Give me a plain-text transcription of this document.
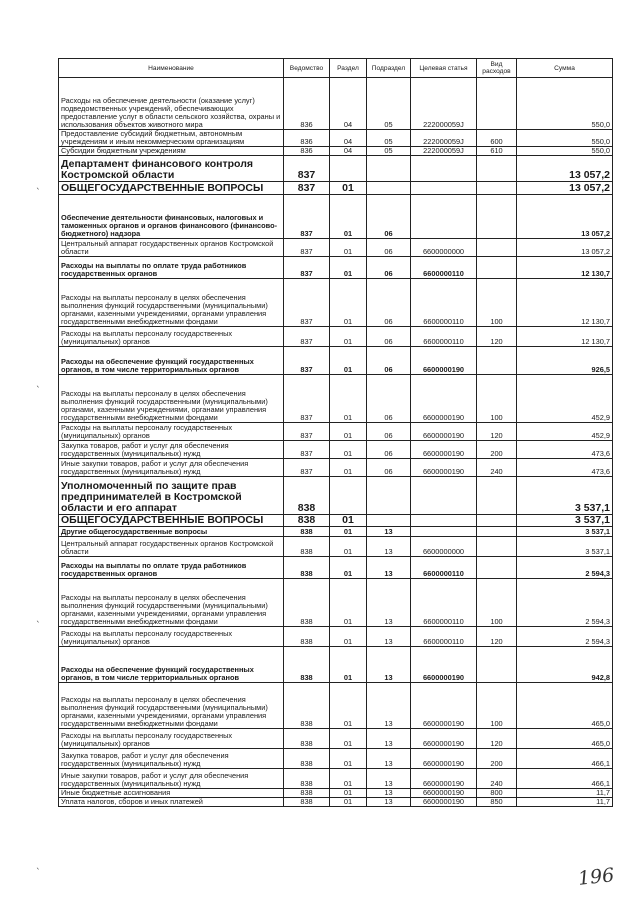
Наименование	Ведомство	Раздел	Подраздел	Целевая статья	Вид расходов	Сумма
Расходы на обеспечение деятельности (оказание услуг) подведомственных учреждений, обеспечивающих предоставление услуг в области сельского хозяйства, охраны и использования объектов животного мира	836	04	05	222000059J		550,0
Предоставление субсидий бюджетным, автономным учреждениям и иным некоммерческим организациям	836	04	05	222000059J	600	550,0
Субсидии бюджетным учреждениям	836	04	05	222000059J	610	550,0
Департамент финансового контроля Костромской области	837					13 057,2
ОБЩЕГОСУДАРСТВЕННЫЕ ВОПРОСЫ	837	01				13 057,2
Обеспечение деятельности финансовых, налоговых и таможенных органов и органов финансового (финансово-бюджетного) надзора	837	01	06			13 057,2
Центральный аппарат государственных органов Костромской области	837	01	06	6600000000		13 057,2
Расходы на выплаты по оплате труда работников государственных органов	837	01	06	6600000110		12 130,7
Расходы на выплаты персоналу в целях обеспечения выполнения функций государственными (муниципальными) органами, казенными учреждениями, органами управления государственными внебюджетными фондами	837	01	06	6600000110	100	12 130,7
Расходы на выплаты персоналу государственных (муниципальных) органов	837	01	06	6600000110	120	12 130,7
Расходы на обеспечение функций государственных органов, в том числе территориальных органов	837	01	06	6600000190		926,5
Расходы на выплаты персоналу в целях обеспечения выполнения функций государственными (муниципальными) органами, казенными учреждениями, органами управления государственными внебюджетными фондами	837	01	06	6600000190	100	452,9
Расходы на выплаты персоналу государственных (муниципальных) органов	837	01	06	6600000190	120	452,9
Закупка товаров, работ и услуг для обеспечения государственных (муниципальных) нужд	837	01	06	6600000190	200	473,6
Иные закупки товаров, работ и услуг для обеспечения государственных (муниципальных) нужд	837	01	06	6600000190	240	473,6
Уполномоченный по защите прав предпринимателей в Костромской области и его аппарат	838					3 537,1
ОБЩЕГОСУДАРСТВЕННЫЕ ВОПРОСЫ	838	01				3 537,1
Другие общегосударственные вопросы	838	01	13			3 537,1
Центральный аппарат государственных органов Костромской области	838	01	13	6600000000		3 537,1
Расходы на выплаты по оплате труда работников государственных органов	838	01	13	6600000110		2 594,3
Расходы на выплаты персоналу в целях обеспечения выполнения функций государственными (муниципальными) органами, казенными учреждениями, органами управления государственными внебюджетными фондами	838	01	13	6600000110	100	2 594,3
Расходы на выплаты персоналу государственных (муниципальных) органов	838	01	13	6600000110	120	2 594,3
Расходы на обеспечение функций государственных органов, в том числе территориальных органов	838	01	13	6600000190		942,8
Расходы на выплаты персоналу в целях обеспечения выполнения функций государственными (муниципальными) органами, казенными учреждениями, органами управления государственными внебюджетными фондами	838	01	13	6600000190	100	465,0
Расходы на выплаты персоналу государственных (муниципальных) органов	838	01	13	6600000190	120	465,0
Закупка товаров, работ и услуг для обеспечения государственных (муниципальных) нужд	838	01	13	6600000190	200	466,1
Иные закупки товаров, работ и услуг для обеспечения государственных (муниципальных) нужд	838	01	13	6600000190	240	466,1
Иные бюджетные ассигнования	838	01	13	6600000190	800	11,7
Уплата налогов, сборов и иных платежей	838	01	13	6600000190	850	11,7
`
`
`
`	196
